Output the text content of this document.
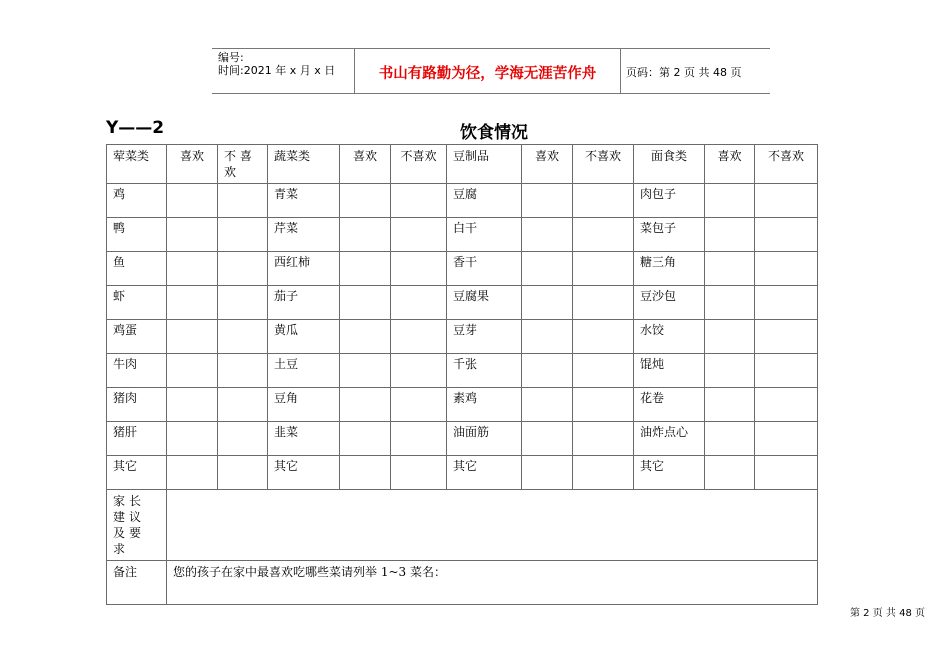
编号:
时间:2021 年 x 月 x 日	书山有路勤为径，学海无涯苦作舟	页码：第 2 页 共 48 页
Y——2	饮食情况
荤菜类	喜欢	不 喜 欢	蔬菜类	喜欢	不喜欢	豆制品	喜欢	不喜欢	面食类	喜欢	不喜欢
鸡			青菜			豆腐			肉包子		
鸭			芹菜			白干			菜包子		
鱼			西红柿			香干			糖三角		
虾			茄子			豆腐果			豆沙包		
鸡蛋			黄瓜			豆芽			水饺		
牛肉			土豆			千张			馄炖		
猪肉			豆角			素鸡			花卷		
猪肝			韭菜			油面筋			油炸点心		
其它			其它			其它			其它		
家长建议及要求											
备注	您的孩子在家中最喜欢吃哪些菜请列举 1~3 菜名：										
第 2 页 共 48 页
